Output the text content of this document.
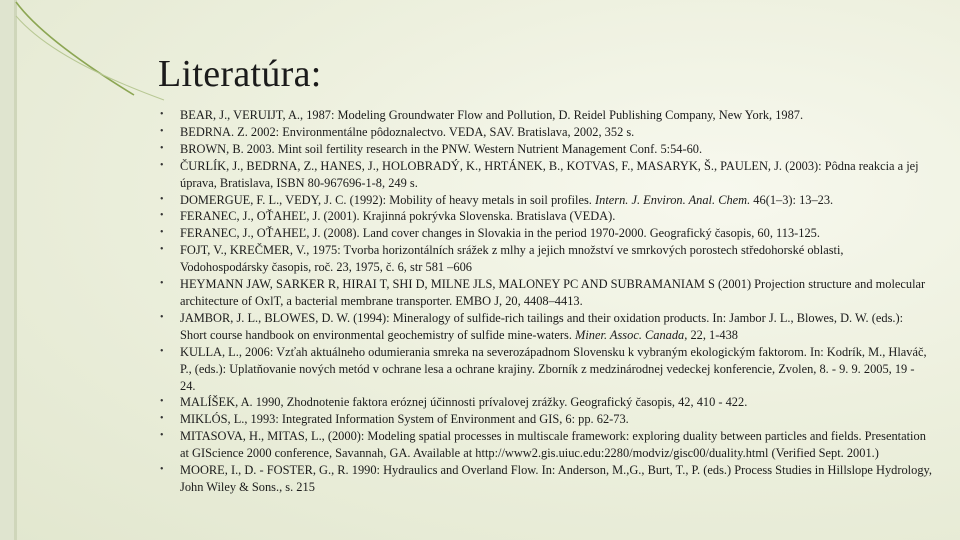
Literatúra:
• BEAR, J., VERUIJT, A., 1987: Modeling Groundwater Flow and Pollution, D. Reidel Publishing Company, New York, 1987.
• BEDRNA. Z. 2002: Environmentálne pôdoznalectvo. VEDA, SAV. Bratislava, 2002, 352 s.
• BROWN, B. 2003. Mint soil fertility research in the PNW. Western Nutrient Management Conf. 5:54-60.
• ČURLÍK, J., BEDRNA, Z., HANES, J., HOLOBRADÝ, K., HRTÁNEK, B., KOTVAS, F., MASARYK, Š., PAULEN, J. (2003): Pôdna reakcia a jej úprava, Bratislava, ISBN 80-967696-1-8, 249 s.
• DOMERGUE, F. L., VEDY, J. C. (1992): Mobility of heavy metals in soil profiles. Intern. J. Environ. Anal. Chem. 46(1–3): 13–23.
• FERANEC, J., OŤAHEĽ, J. (2001). Krajinná pokrývka Slovenska. Bratislava (VEDA).
• FERANEC, J., OŤAHEĽ, J. (2008). Land cover changes in Slovakia in the period 1970-2000. Geografický časopis, 60, 113-125.
• FOJT, V., KREČMER, V., 1975: Tvorba horizontálních srážek z mlhy a jejich množství ve smrkových porostech středohorské oblasti, Vodohospodársky časopis, roč. 23, 1975, č. 6, str 581 –606
• HEYMANN JAW, SARKER R, HIRAI T, SHI D, MILNE JLS, MALONEY PC AND SUBRAMANIAM S (2001) Projection structure and molecular architecture of OxlT, a bacterial membrane transporter. EMBO J, 20, 4408–4413.
• JAMBOR, J. L., BLOWES, D. W. (1994): Mineralogy of sulfide-rich tailings and their oxidation products. In: Jambor J. L., Blowes, D. W. (eds.): Short course handbook on environmental geochemistry of sulfide mine-waters. Miner. Assoc. Canada, 22, 1-438
• KULLA, L., 2006: Vzťah aktuálneho odumierania smreka na severozápadnom Slovensku k vybraným ekologickým faktorom. In: Kodrík, M., Hlaváč, P., (eds.): Uplatňovanie nových metód v ochrane lesa a ochrane krajiny. Zborník z medzinárodnej vedeckej konferencie, Zvolen, 8. - 9. 9. 2005, 19 - 24.
• MALÍŠEK, A. 1990, Zhodnotenie faktora eróznej účinnosti prívalovej zrážky. Geografický časopis, 42, 410 - 422.
• MIKLÓS, L., 1993: Integrated Information System of Environment and GIS, 6: pp. 62-73.
• MITASOVA, H., MITAS, L., (2000): Modeling spatial processes in multiscale framework: exploring duality between particles and fields. Presentation at GIScience 2000 conference, Savannah, GA. Available at http://www2.gis.uiuc.edu:2280/modviz/gisc00/duality.html (Verified Sept. 2001.)
• MOORE, I., D. - FOSTER, G., R. 1990: Hydraulics and Overland Flow. In: Anderson, M.,G., Burt, T., P. (eds.) Process Studies in Hillslope Hydrology, John Wiley & Sons., s. 215
